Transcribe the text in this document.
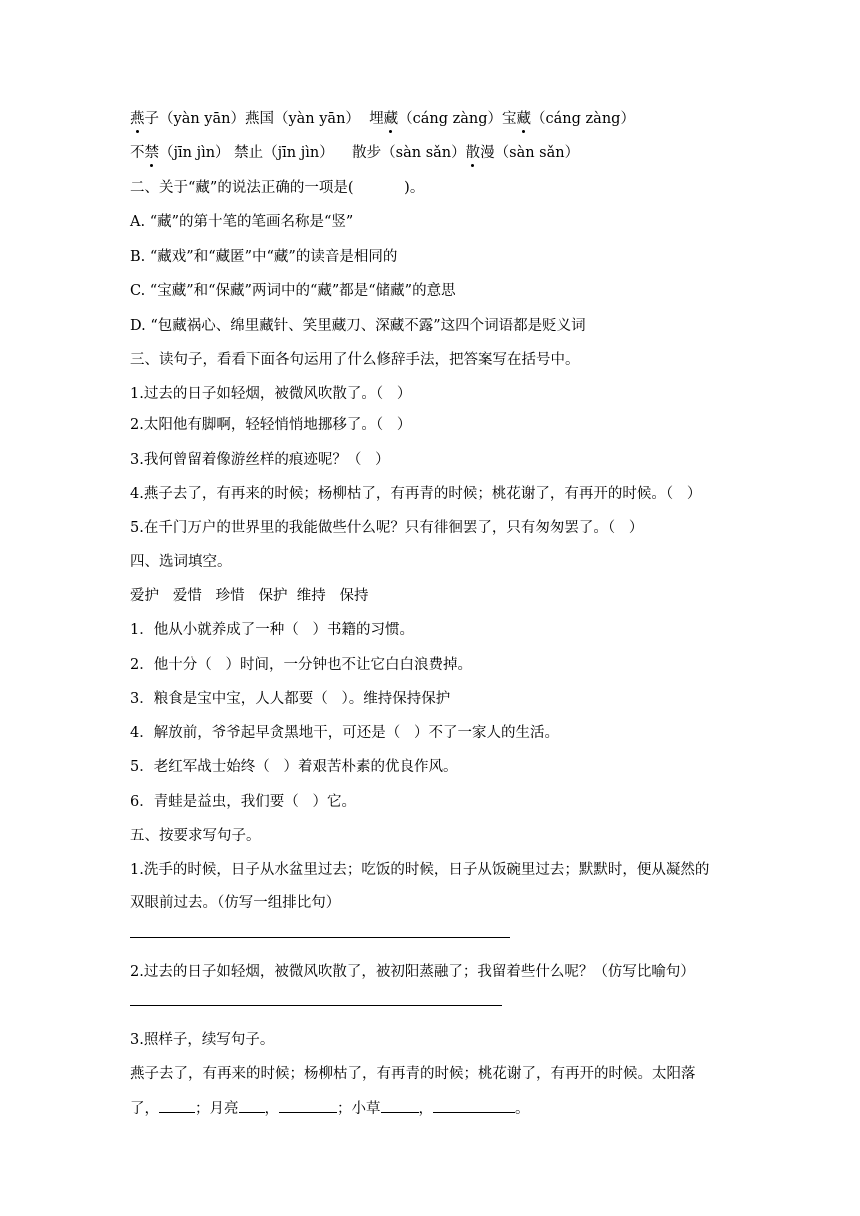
燕子（yàn yān）燕国（yàn yān）  埋藏（cáng zàng）宝藏（cáng zàng）
不禁（jīn jìn） 禁止（jīn jìn）    散步（sàn sǎn）散漫（sàn sǎn）
二、关于“藏”的说法正确的一项是(           )。
A. “藏”的第十笔的笔画名称是“竖”
B. “藏戏”和“藏匿”中“藏”的读音是相同的
C. “宝藏”和“保藏”两词中的“藏”都是“储藏”的意思
D. “包藏祸心、绵里藏针、笑里藏刀、深藏不露”这四个词语都是贬义词
三、读句子，看看下面各句运用了什么修辞手法，把答案写在括号中。
1.过去的日子如轻烟，被微风吹散了。（   ）
2.太阳他有脚啊，轻轻悄悄地挪移了。（   ）
3.我何曾留着像游丝样的痕迹呢？（   ）
4.燕子去了，有再来的时候；杨柳枯了，有再青的时候；桃花谢了，有再开的时候。（   ）
5.在千门万户的世界里的我能做些什么呢？只有徘徊罢了，只有匆匆罢了。（   ）
四、选词填空。
爱护   爱惜   珍惜   保护  维持   保持
1．他从小就养成了一种（   ）书籍的习惯。
2．他十分（   ）时间，一分钟也不让它白白浪费掉。
3．粮食是宝中宝，人人都要（   ）。维持保持保护
4．解放前，爷爷起早贪黑地干，可还是（   ）不了一家人的生活。
5．老红军战士始终（   ）着艰苦朴素的优良作风。
6．青蛙是益虫，我们要（   ）它。
五、按要求写句子。
1.洗手的时候，日子从水盆里过去；吃饭的时候，日子从饭碗里过去；默默时，便从凝然的
双眼前过去。（仿写一组排比句）
2.过去的日子如轻烟，被微风吹散了，被初阳蒸融了；我留着些什么呢？（仿写比喻句）
3.照样子，续写句子。
燕子去了，有再来的时候；杨柳枯了，有再青的时候；桃花谢了，有再开的时候。太阳落
了， ；月亮 ，	；小草	，	。
